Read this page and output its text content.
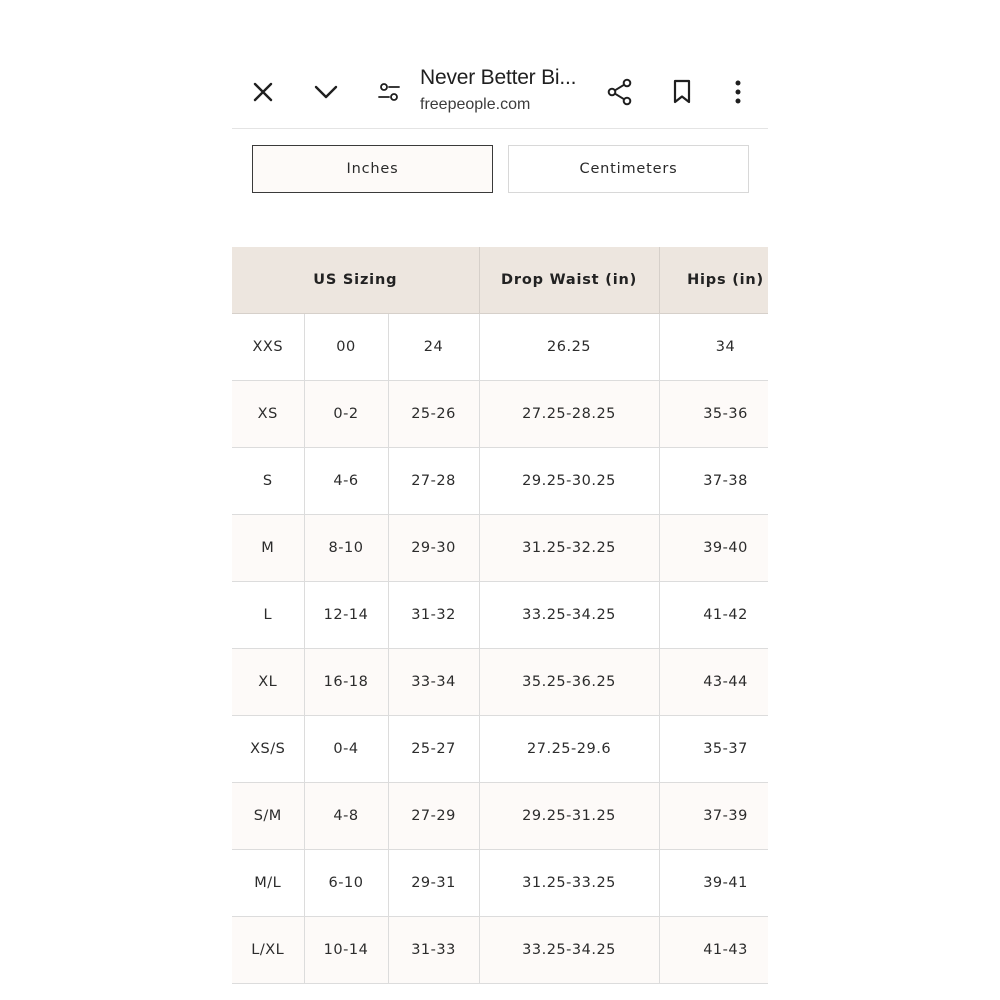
Inches	Centimeters
US Sizing			Drop Waist (in)	Hips (in)
XXS	00	24	26.25	34
XS	0-2	25-26	27.25-28.25	35-36
S	4-6	27-28	29.25-30.25	37-38
M	8-10	29-30	31.25-32.25	39-40
L	12-14	31-32	33.25-34.25	41-42
XL	16-18	33-34	35.25-36.25	43-44
XS/S	0-4	25-27	27.25-29.6	35-37
S/M	4-8	27-29	29.25-31.25	37-39
M/L	6-10	29-31	31.25-33.25	39-41
L/XL	10-14	31-33	33.25-34.25	41-43
Never Better Bi...
freepeople.com
